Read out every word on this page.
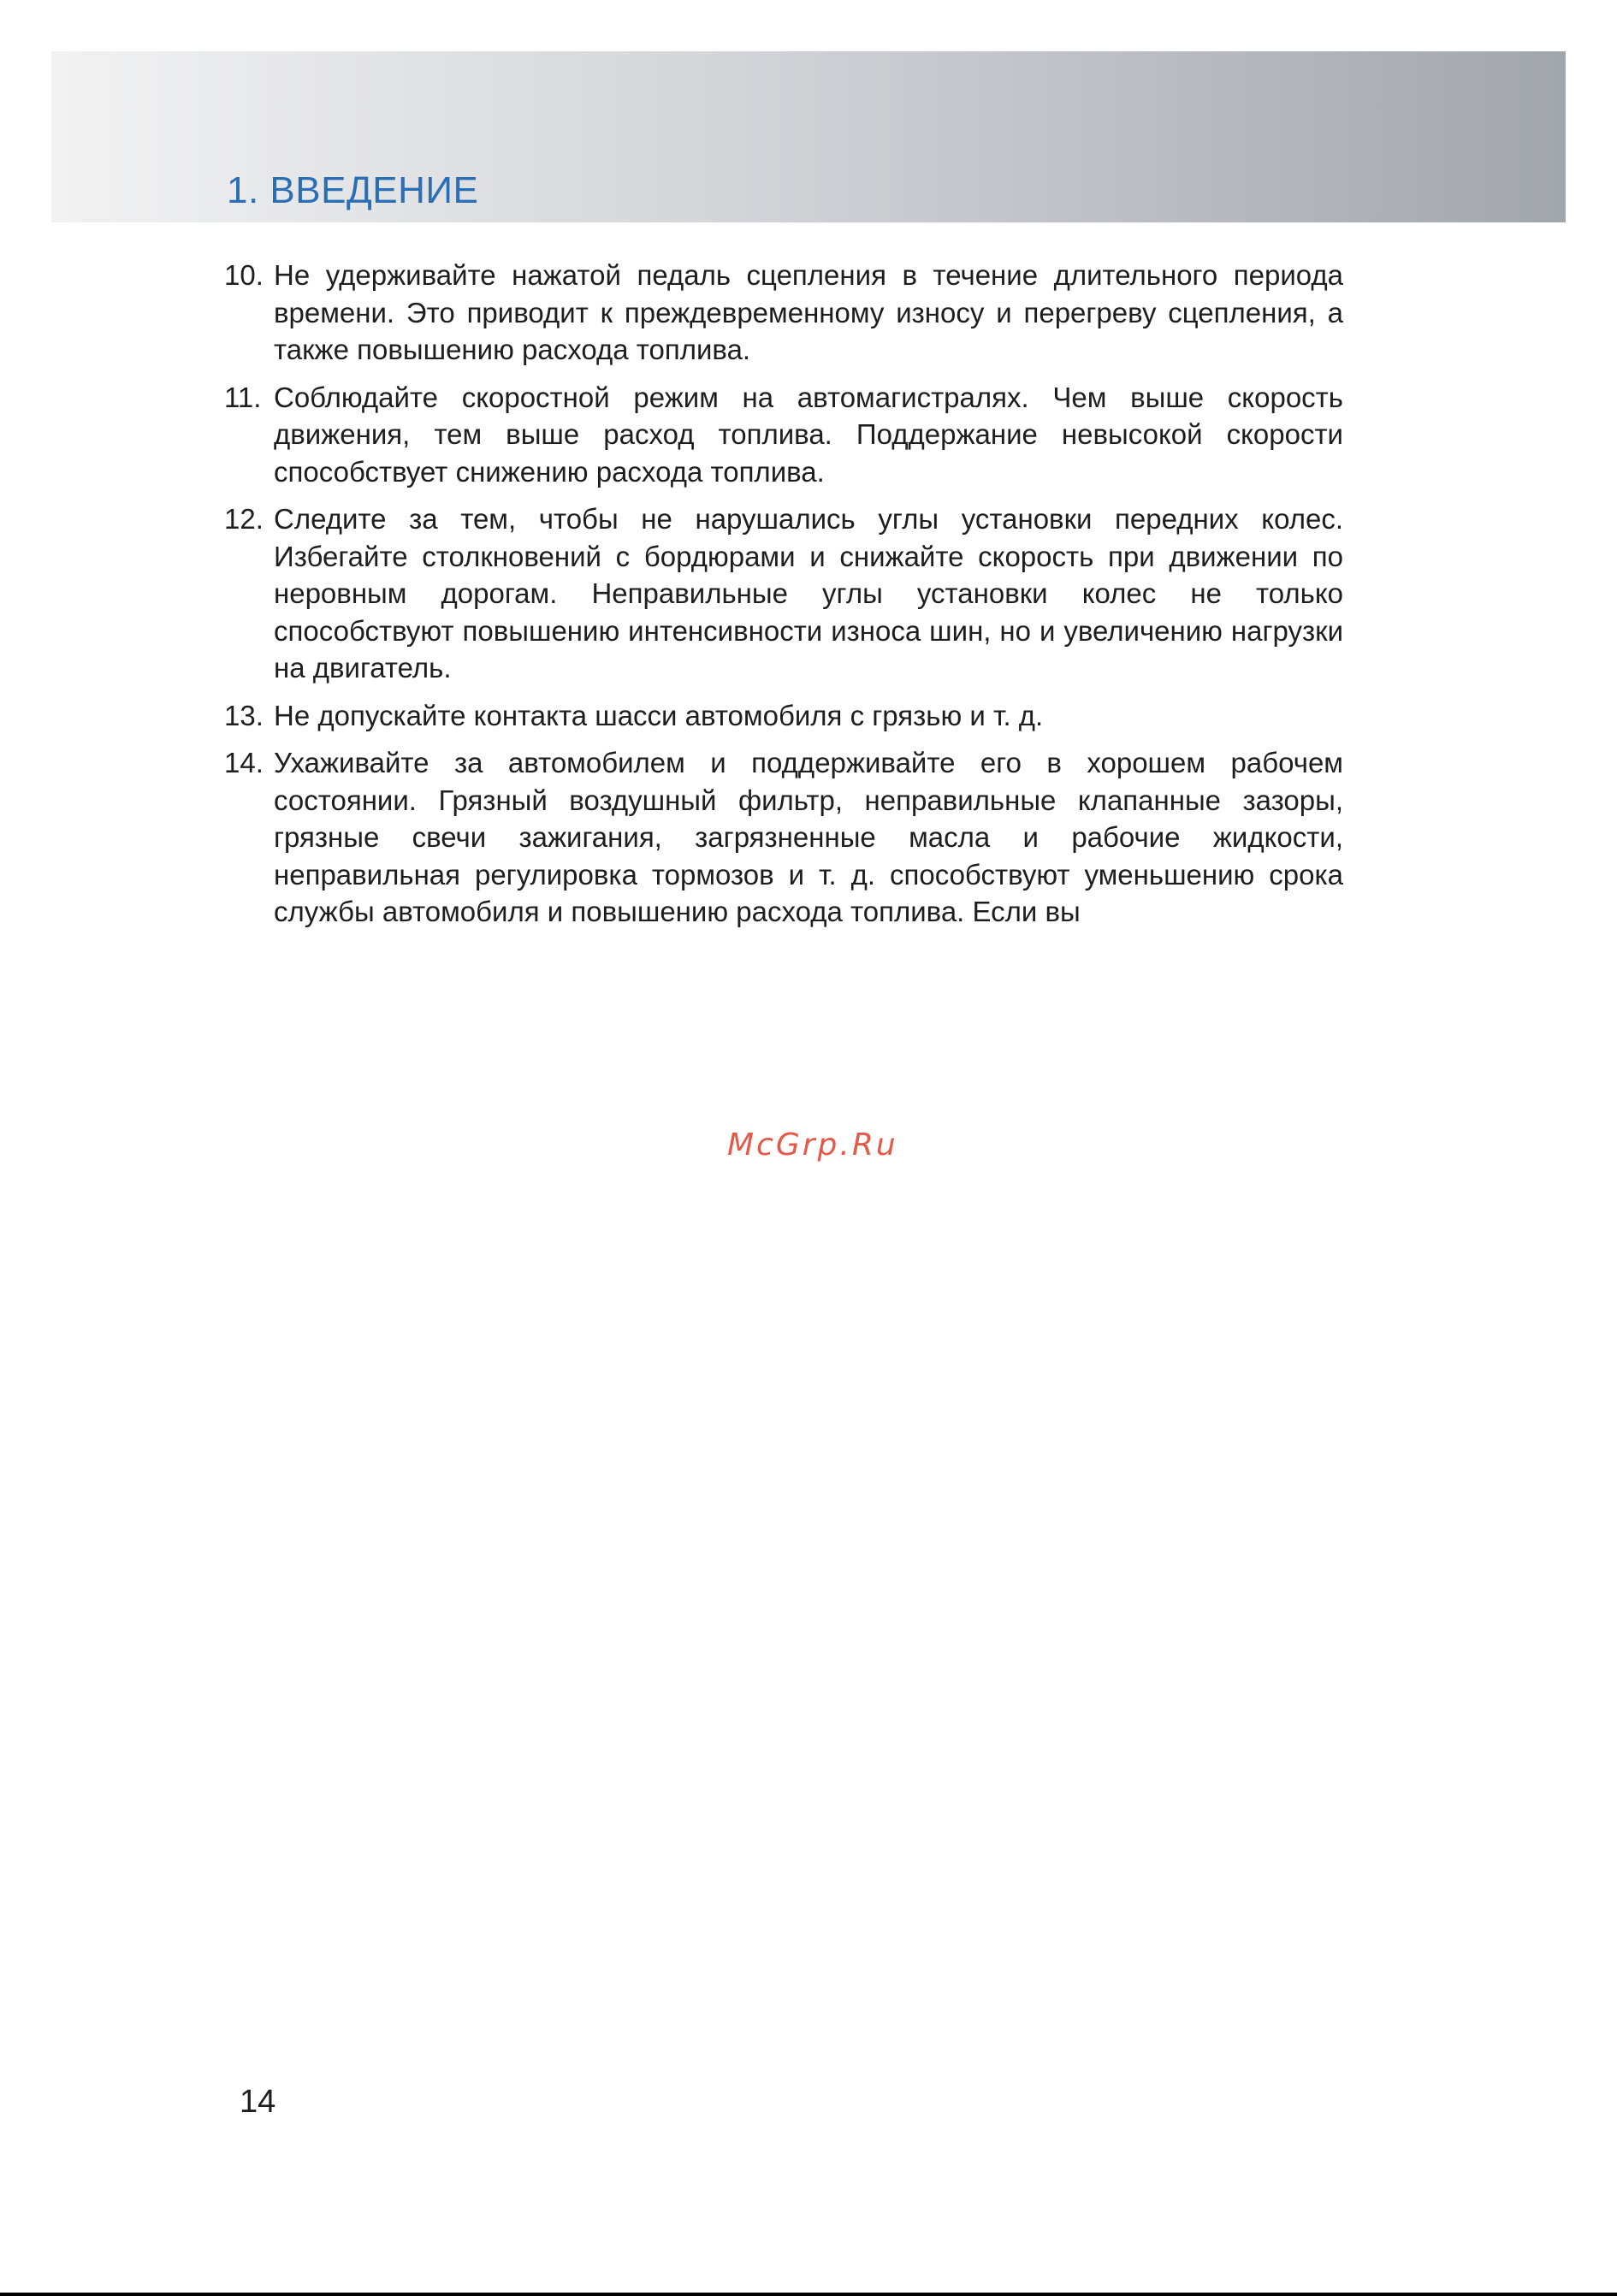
1. ВВЕДЕНИЕ
10. Не удерживайте нажатой педаль сцепления в течение длительного периода времени. Это приводит к преждевременному износу и перегреву сцепления, а также повышению расхода топлива.
11. Соблюдайте скоростной режим на автомагистралях. Чем выше скорость движения, тем выше расход топлива. Поддержание невысокой скорости способствует снижению расхода топлива.
12. Следите за тем, чтобы не нарушались углы установки передних колес. Избегайте столкновений с бордюрами и снижайте скорость при движении по неровным дорогам. Неправильные углы установки колес не только способствуют повышению интенсивности износа шин, но и увеличению нагрузки на двигатель.
13. Не допускайте контакта шасси автомобиля с грязью и т. д.
14. Ухаживайте за автомобилем и поддерживайте его в хорошем рабочем состоянии. Грязный воздушный фильтр, неправильные клапанные зазоры, грязные свечи зажигания, загрязненные масла и рабочие жидкости, неправильная регулировка тормозов и т. д. способствуют уменьшению срока службы автомобиля и повышению расхода топлива. Если вы
McGrp.Ru
14
